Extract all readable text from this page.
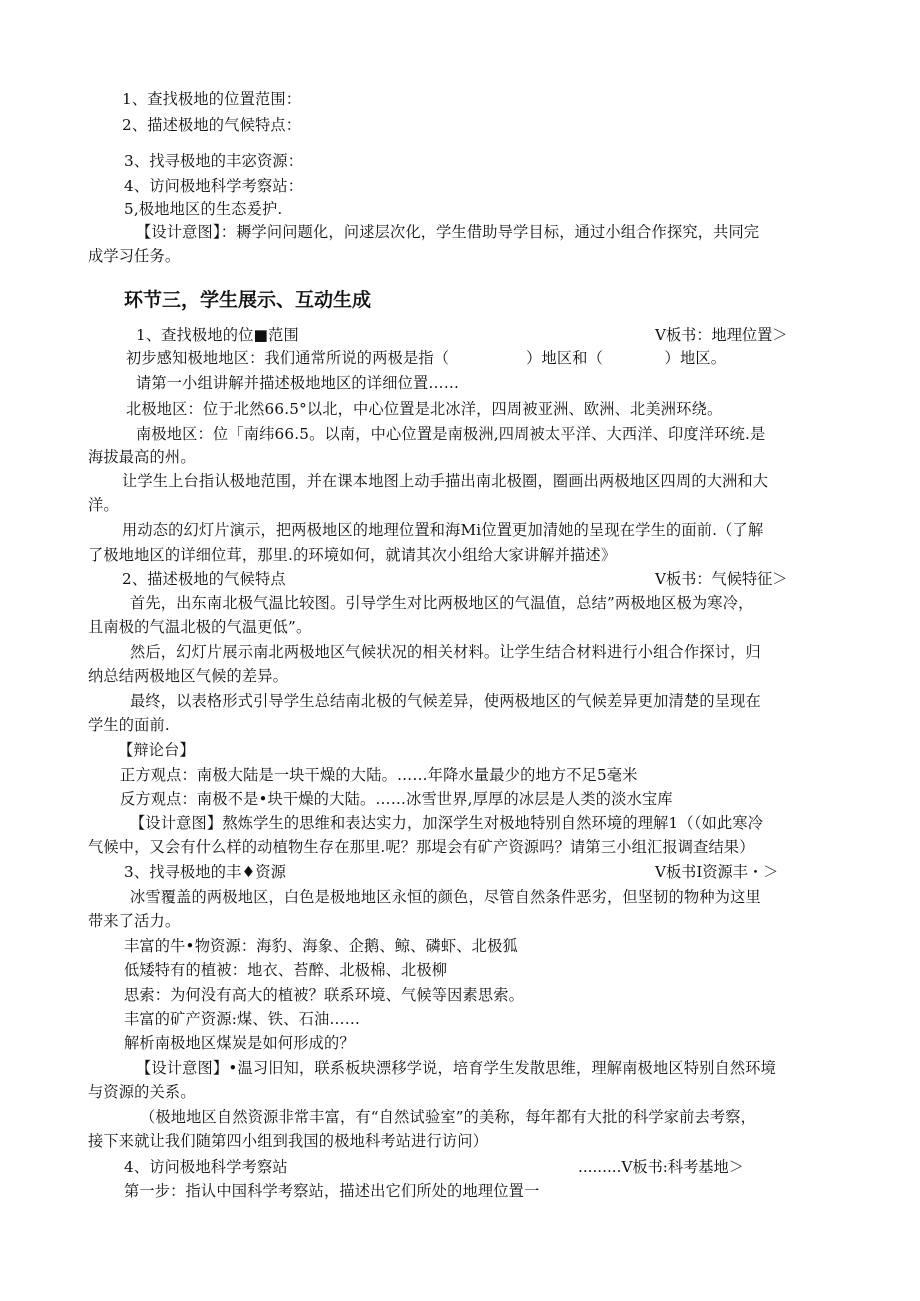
1、查找极地的位置范围：
2、描述极地的气候特点：
3、找寻极地的丰宓资源：
4、访问极地科学考察站：
5,极地地区的生态爰护.
【设计意图】：耨学问问题化，问逑层次化，学生借助导学目标，通过小组合作探究，共同完
成学习任务。
环节三，学生展示、互动生成
1、查找极地的位■范围	V板书：地理位置＞
初步感知极地地区：我们通常所说的两极是指（　　　　　）地区和（　　　　）地区。
请第一小组讲解并描述极地地区的详细位置……
北极地区：位于北然66.5°以北，中心位置是北冰洋，四周被亚洲、欧洲、北美洲环绕。
南极地区：位「南纬66.5。以南，中心位置是南极洲,四周被太平洋、大西洋、印度洋环统.是
海拔最高的州。
让学生上台指认极地范围，并在课本地图上动手描出南北极圈，圈画出两极地区四周的大洲和大
洋。
用动态的幻灯片演示，把两极地区的地理位置和海Mi位置更加清她的呈现在学生的面前.（了解
了极地地区的详细位茸，那里.的环境如何，就请其次小组给大家讲解并描述》
2、描述极地的气候特点	V板书：气候特征＞
首先，出东南北极气温比较图。引导学生对比两极地区的气温值，总结”两极地区极为寒冷，
且南极的气温北极的气温更低”。
然后，幻灯片展示南北两极地区气候状况的相关材料。让学生结合材料进行小组合作探讨，归
纳总结两极地区气候的差异。
最终，以表格形式引导学生总结南北极的气候差异，使两极地区的气候差异更加清楚的呈现在
学生的面前.
【辩论台】
正方观点：南极大陆是一块干燥的大陆。……年降水量最少的地方不足5毫米
反方观点：南极不是•块干燥的大陆。……冰雪世界,厚厚的冰层是人类的淡水宝库
【设计意图】熬炼学生的思维和表达实力，加深学生对极地特别自然环境的理解1（（如此寒冷
气候中，又会有什么样的动植物生存在那里.呢？那堤会有矿产资源吗？请第三小组汇报调查结果）
3、找寻极地的丰♦资源	V板书I资源丰・＞
冰雪覆盖的两极地区，白色是极地地区永恒的颜色，尽管自然条件恶劣，但坚韧的物种为这里
带来了活力。
丰富的牛•物资源：海豹、海象、企鹅、鲸、磷虾、北极狐
低矮特有的植被：地衣、苔醉、北极棉、北极柳
思索：为何没有高大的植被？联系环境、气候等因素思索。
丰富的矿产资源:煤、铁、石油……
解析南极地区煤炭是如何形成的？
【设计意图】•温习旧知，联系板块漂移学说，培育学生发散思维，理解南极地区特别自然环境
与资源的关系。
（极地地区自然资源非常丰富，有“自然试验室”的美称，每年都有大批的科学家前去考察，
接下来就让我们随第四小组到我国的极地科考站进行访问）
4、访问极地科学考察站	.........V板书:科考基地＞
第一步：指认中国科学考察站，描述出它们所处的地理位置一
